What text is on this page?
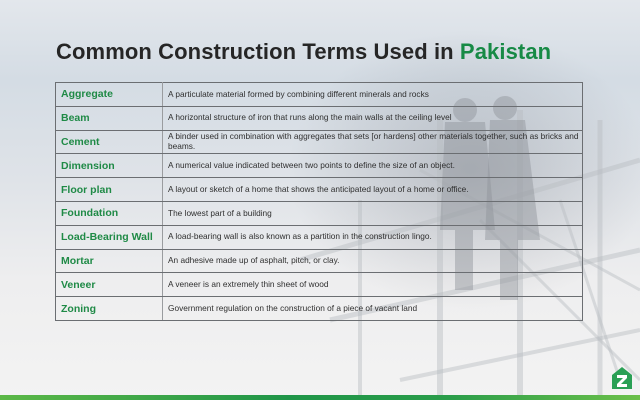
Common Construction Terms Used in Pakistan
Aggregate	A particulate material formed by combining different minerals and rocks
Beam	A horizontal structure of iron that runs along the main walls at the ceiling level
Cement	A binder used in combination with aggregates that sets [or hardens] other materials together, such as bricks and beams.
Dimension	A numerical value indicated between two points to define the size of an object.
Floor plan	A layout or sketch of a home that shows the anticipated layout of a home or office.
Foundation	The lowest part of a building
Load-Bearing Wall	A load-bearing wall is also known as a partition in the construction lingo.
Mortar	An adhesive made up of asphalt, pitch, or clay.
Veneer	A veneer is an extremely thin sheet of wood
Zoning	Government regulation on the construction of a piece of vacant land
